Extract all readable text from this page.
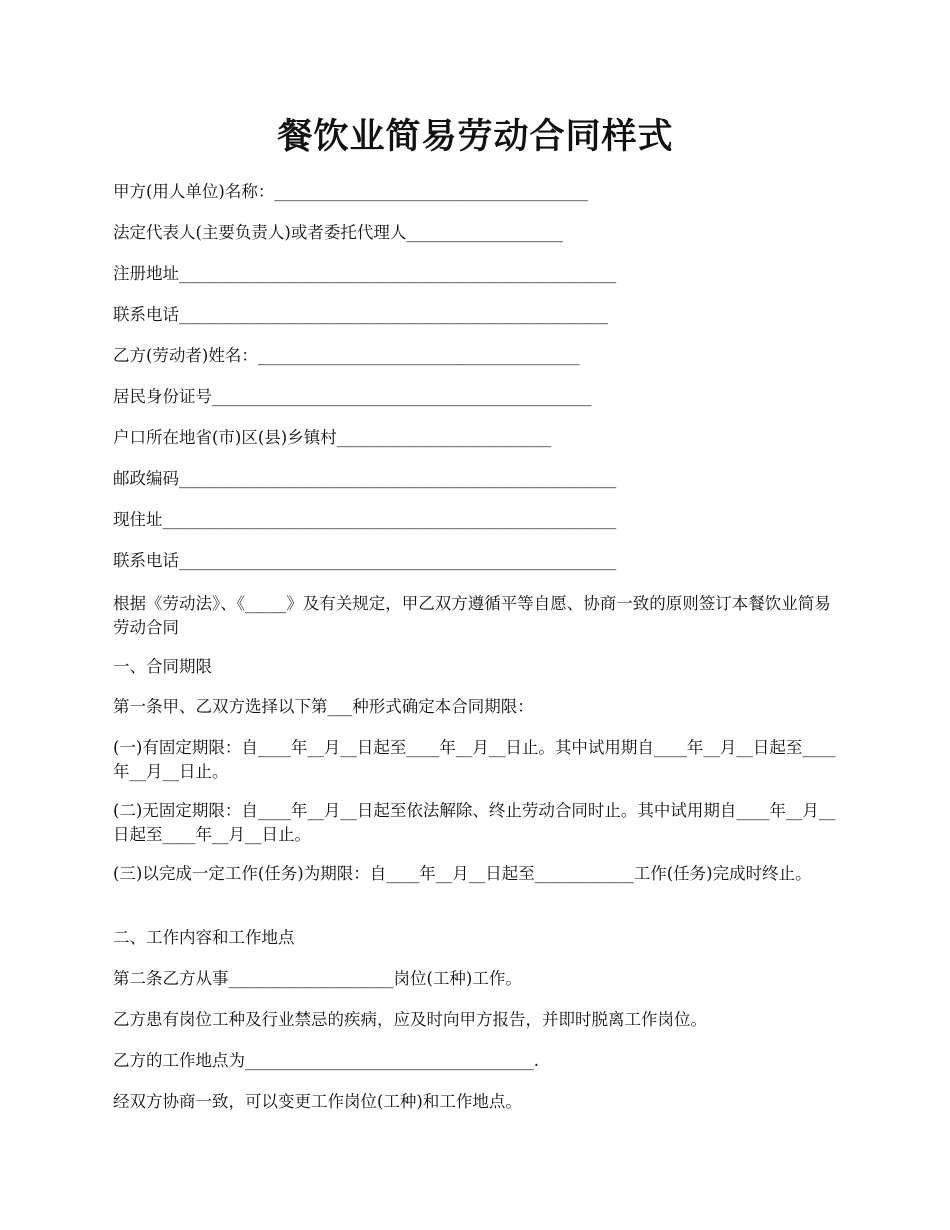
餐饮业简易劳动合同样式

甲方(用人单位)名称：______________________________________

法定代表人(主要负责人)或者委托代理人___________________

注册地址_____________________________________________________

联系电话____________________________________________________

乙方(劳动者)姓名：_______________________________________

居民身份证号______________________________________________

户口所在地省(市)区(县)乡镇村__________________________

邮政编码_____________________________________________________

现住址_______________________________________________________

联系电话_____________________________________________________

根据《劳动法》、《_____》及有关规定，甲乙双方遵循平等自愿、协商一致的原则签订本餐饮业简易劳动合同

一、合同期限

第一条甲、乙双方选择以下第___种形式确定本合同期限：

(一)有固定期限：自____年__月__日起至____年__月__日止。其中试用期自____年__月__日起至____年__月__日止。

(二)无固定期限：自____年__月__日起至依法解除、终止劳动合同时止。其中试用期自____年__月__日起至____年__月__日止。

(三)以完成一定工作(任务)为期限：自____年__月__日起至____________工作(任务)完成时终止。

二、工作内容和工作地点

第二条乙方从事____________________岗位(工种)工作。

乙方患有岗位工种及行业禁忌的疾病，应及时向甲方报告，并即时脱离工作岗位。

乙方的工作地点为___________________________________.

经双方协商一致，可以变更工作岗位(工种)和工作地点。
